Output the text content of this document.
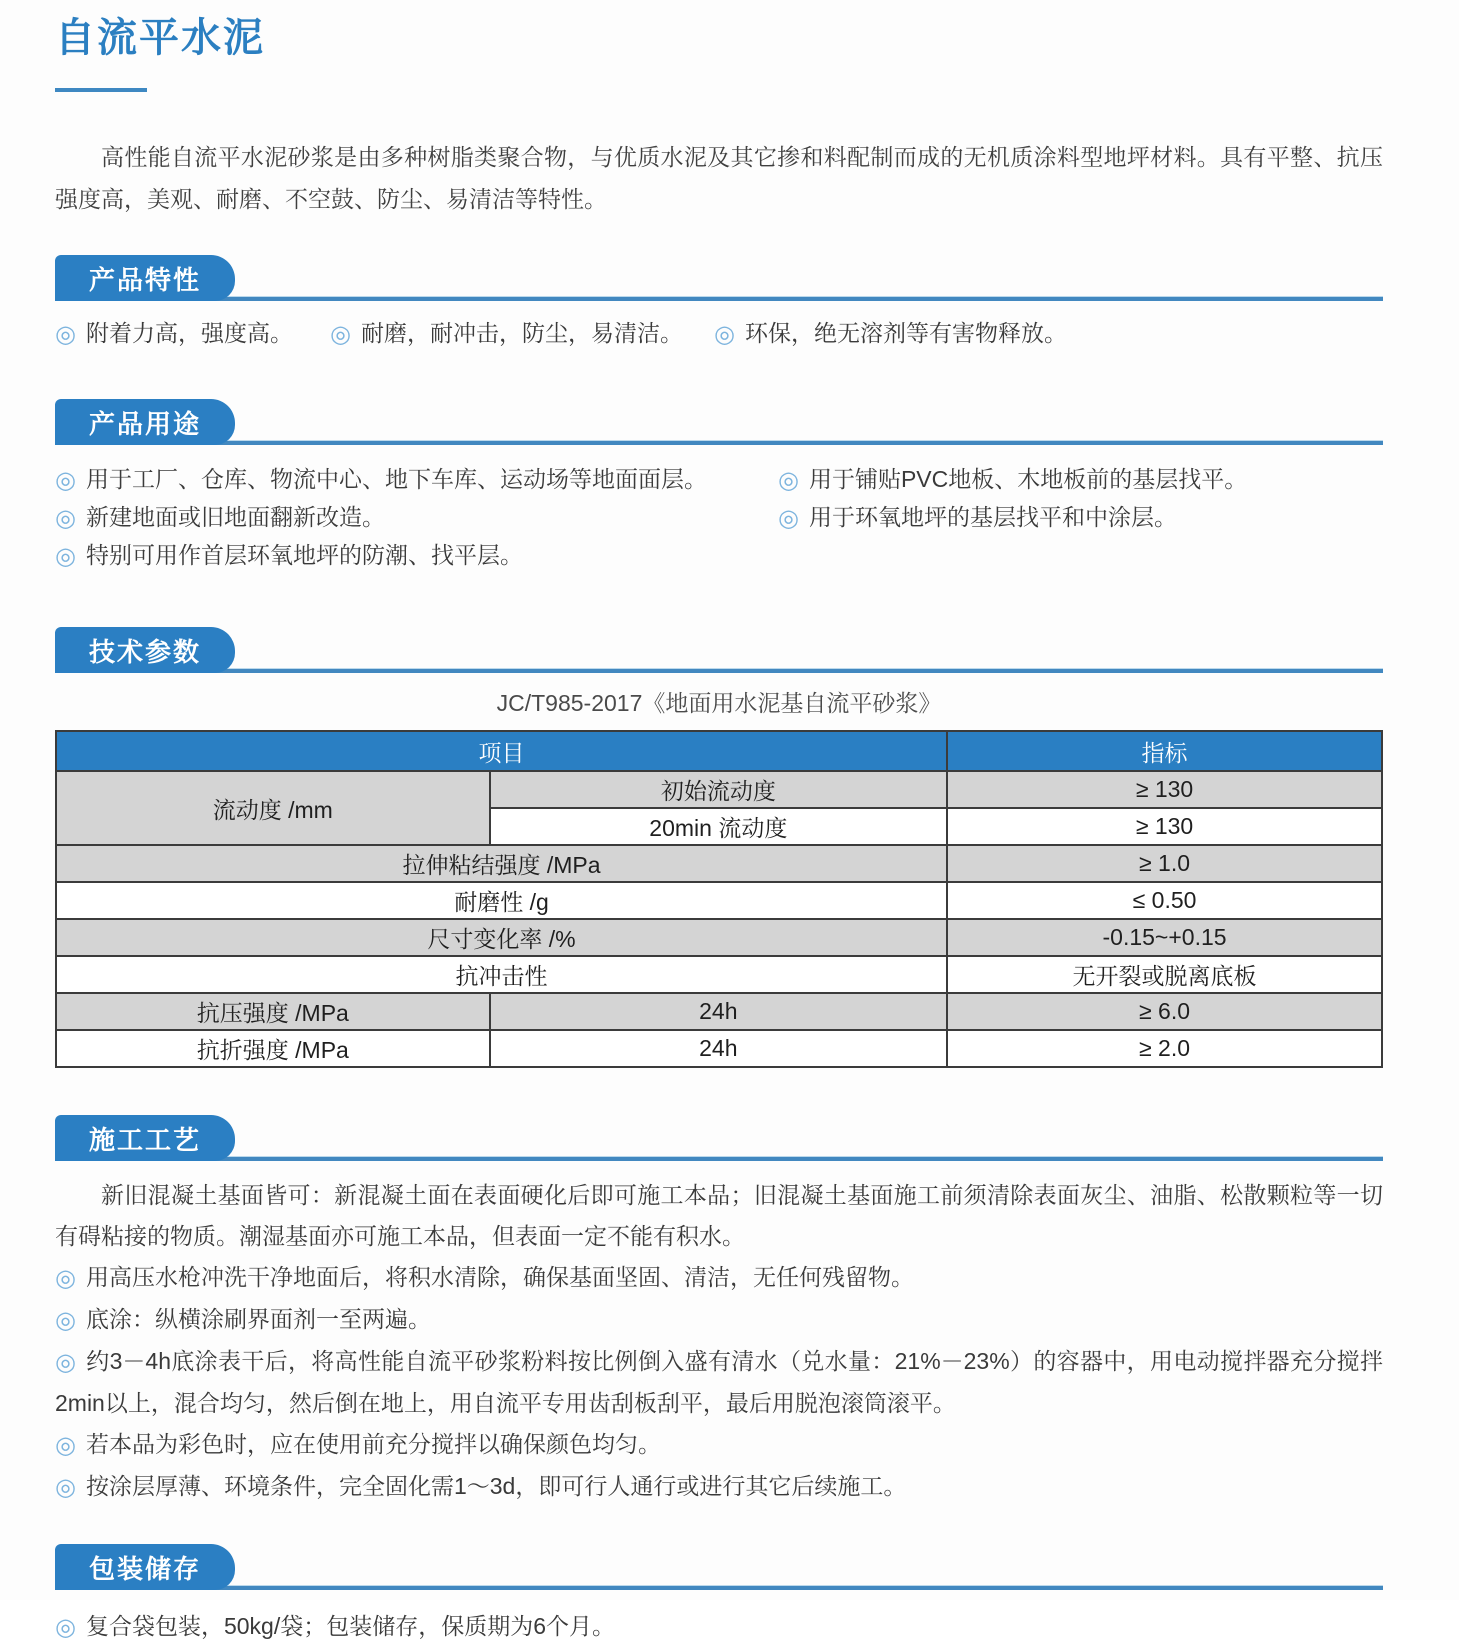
自流平水泥

高性能自流平水泥砂浆是由多种树脂类聚合物，与优质水泥及其它掺和料配制而成的无机质涂料型地坪材料。具有平整、抗压强度高，美观、耐磨、不空鼓、防尘、易清洁等特性。

产品特性
◎ 附着力高，强度高。	◎ 耐磨，耐冲击，防尘，易清洁。	◎ 环保，绝无溶剂等有害物释放。
产品用途

◎ 用于工厂、仓库、物流中心、地下车库、运动场等地面面层。

◎ 新建地面或旧地面翻新改造。

◎ 特别可用作首层环氧地坪的防潮、找平层。

◎ 用于铺贴PVC地板、木地板前的基层找平。

◎ 用于环氧地坪的基层找平和中涂层。

技术参数

JC/T985-2017《地面用水泥基自流平砂浆》

项目		指标
流动度 /mm	初始流动度	≥ 130
	20min 流动度	≥ 130
拉伸粘结强度 /MPa		≥ 1.0
耐磨性 /g		≤ 0.50
尺寸变化率 /%		-0.15~+0.15
抗冲击性		无开裂或脱离底板
抗压强度 /MPa	24h	≥ 6.0
抗折强度 /MPa	24h	≥ 2.0
施工工艺

新旧混凝土基面皆可：新混凝土面在表面硬化后即可施工本品；旧混凝土基面施工前须清除表面灰尘、油脂、松散颗粒等一切有碍粘接的物质。潮湿基面亦可施工本品，但表面一定不能有积水。

◎ 用高压水枪冲洗干净地面后，将积水清除，确保基面坚固、清洁，无任何残留物。

◎ 底涂：纵横涂刷界面剂一至两遍。

◎ 约3－4h底涂表干后，将高性能自流平砂浆粉料按比例倒入盛有清水（兑水量：21%－23%）的容器中，用电动搅拌器充分搅拌2min以上，混合均匀，然后倒在地上，用自流平专用齿刮板刮平，最后用脱泡滚筒滚平。

◎ 若本品为彩色时，应在使用前充分搅拌以确保颜色均匀。

◎ 按涂层厚薄、环境条件，完全固化需1～3d，即可行人通行或进行其它后续施工。

包装储存

◎ 复合袋包装，50kg/袋；包装储存，保质期为6个月。
